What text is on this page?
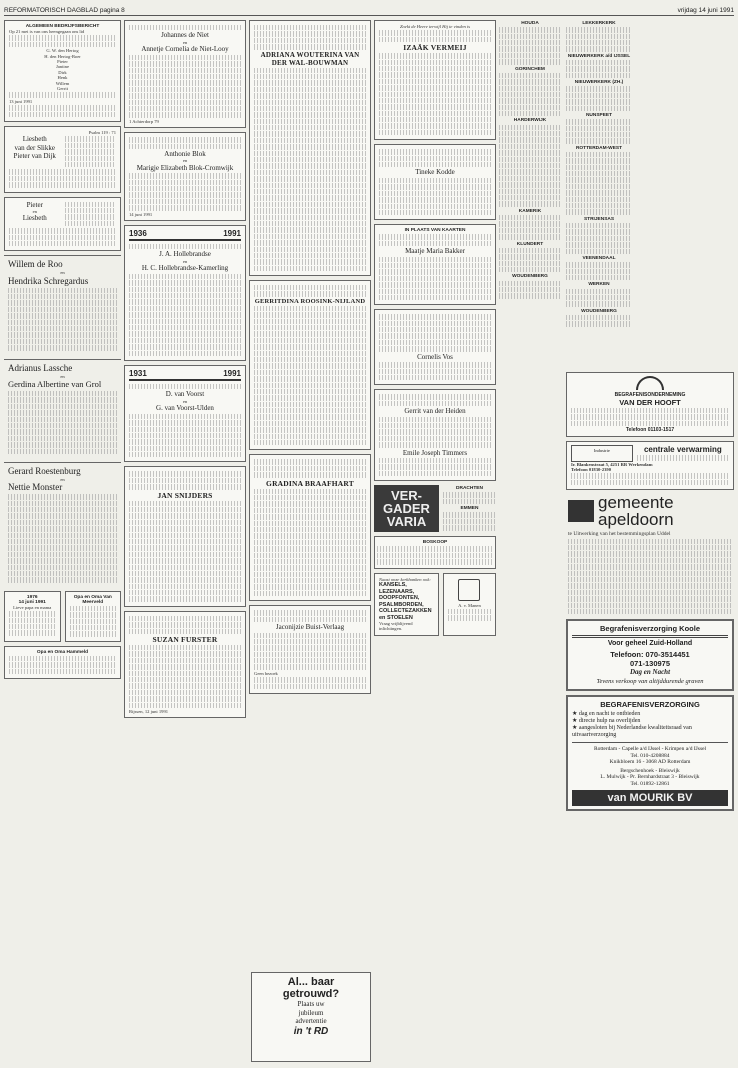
REFORMATORISCH DAGBLAD pagina 8	vrijdag 14 juni 1991
ALGEMEEN BEDRIJFSBERICHT
Op 21 mei is van ons heengegaan ons lid
G. W. den Hertog
H. den Hertog-Boer
Pieter
Jantine
Dirk
Henk
Willem
Gerrit
13 juni 1991
Psalm 119 : 71
Liesbeth
van der Slikke
Pieter van Dijk
Pieter
en
Liesbeth
Willem de Roo
en
Hendrika Schregardus
Adrianus Lassche
en
Gerdina Albertine van Grol
Gerard Roestenburg
en
Nettie Monster
1976
14 juni 1991
Lieve papa en mama
Opa en Oma Van Meerveld
Opa en Oma Hammeld
Johannes de Niet
en
Annetje Cornelia de Niet-Looy
1 Achterdorp 79
Anthonie Blok
en
Marigje Elizabeth Blok-Cromwijk
14 juni 1991
1936	1991
J. A. Hollebrandse
en
H. C. Hollebrandse-Kamerling
1931	1991
D. van Voorst
en
G. van Voorst-Ulden
JAN SNIJDERS
SUZAN FURSTER
Rijssen, 12 juni 1991
ADRIANA WOUTERINA VAN DER WAL-BOUWMAN
GERRITDINA ROOSINK-NIJLAND
GRADINA BRAAFHART
Jaconijzie Buist-Verlaag
Geen bezoek
Zoekt de Heere terwijl Hij te vinden is
IZAÄK VERMEIJ
Tineke Kodde
IN PLAATS VAN KAARTEN
Maatje Maria Bakker
Cornelis Vos
Gerrit van der Heiden
Emile Joseph Timmers
VER-
GADER
VARIA
DRACHTEN
EMMEN
BOSKOOP
Naast onze kerkbanken ook:
KANSELS,
LEZENAARS,
DOOPFONTEN,
PSALMBORDEN,
COLLECTEZAKKEN
en STOELEN
Vraag vrijblijvend inlichtingen.
A. v. Manen
Al... baar
getrouwd?
Plaats uw
jubileum
advertentie
in 't RD
HOUDA
GORINCHEM
HARDERWIJK
KAMERIK
KLUNDERT
WOUDENBERG
LEKKERKERK
NIEUWERKERK a/d IJSSEL
NIEUWERKERK (ZH.)
NUNSPEET
ROTTERDAM-WEST
STRIJENSAS
VEENENDAAL
WERKEN
WOUDENBERG
BEGRAFENISONDERNEMING
VAN DER HOOFT
Telefoon 01103-1517
Industrie	centrale verwarming
Ir. Blankenstraat 5, 4251 RR Werkendam
Telefoon 01830-2390
gemeente
apeldoorn
te Uitwerking van het bestemmingsplan Uddel
Begrafenisverzorging Koole
Voor geheel Zuid-Holland
Telefoon: 070-3514451
071-130975
Dag en Nacht
Tevens verkoop van altijddurende graven
BEGRAFENISVERZORGING
★ dag en nacht te ontbieden
★ directe hulp na overlijden
★ aangesloten bij Nederlandse kwaliteitsraad van uitvaartverzorging
Rotterdam - Capelle a/d IJssel - Krimpen a/d IJssel
Tel. 010-4208884
Knikbloem 16 - 3068 AD Rotterdam
Bergschenhoek - Bleiswijk
L. Mulwijk - Pr. Bernhardstraat 3 - Bleiswijk
Tel. 01892-12861
van MOURIK BV
